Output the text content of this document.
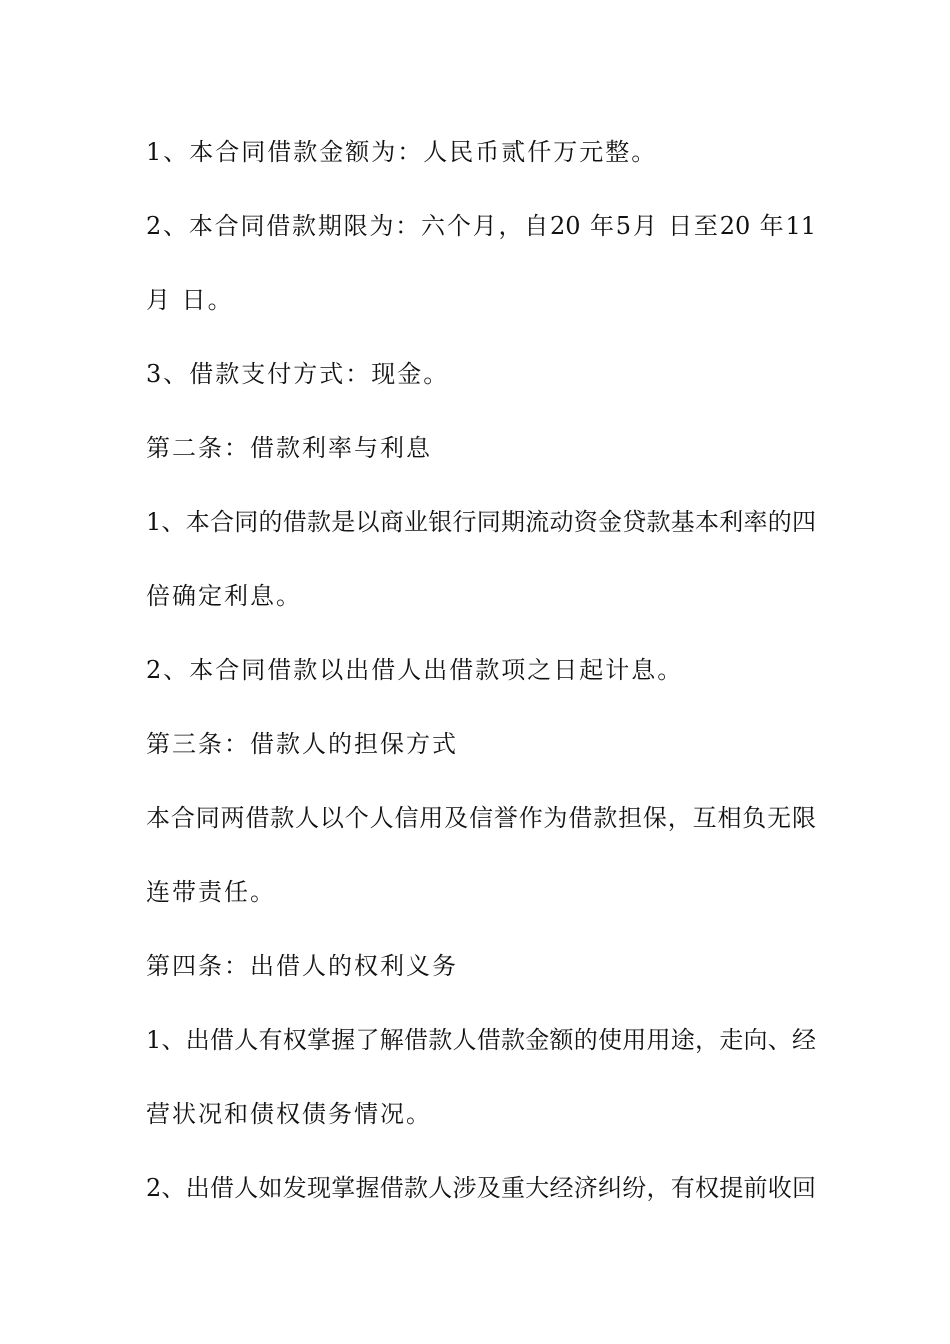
1、本合同借款金额为：人民币贰仟万元整。
2、本合同借款期限为：六个月，自20 年5月 日至20 年11
月 日。
3、借款支付方式：现金。
第二条：借款利率与利息
1、本合同的借款是以商业银行同期流动资金贷款基本利率的四
倍确定利息。
2、本合同借款以出借人出借款项之日起计息。
第三条：借款人的担保方式
本合同两借款人以个人信用及信誉作为借款担保，互相负无限
连带责任。
第四条：出借人的权利义务
1、出借人有权掌握了解借款人借款金额的使用用途，走向、经
营状况和债权债务情况。
2、出借人如发现掌握借款人涉及重大经济纠纷，有权提前收回
